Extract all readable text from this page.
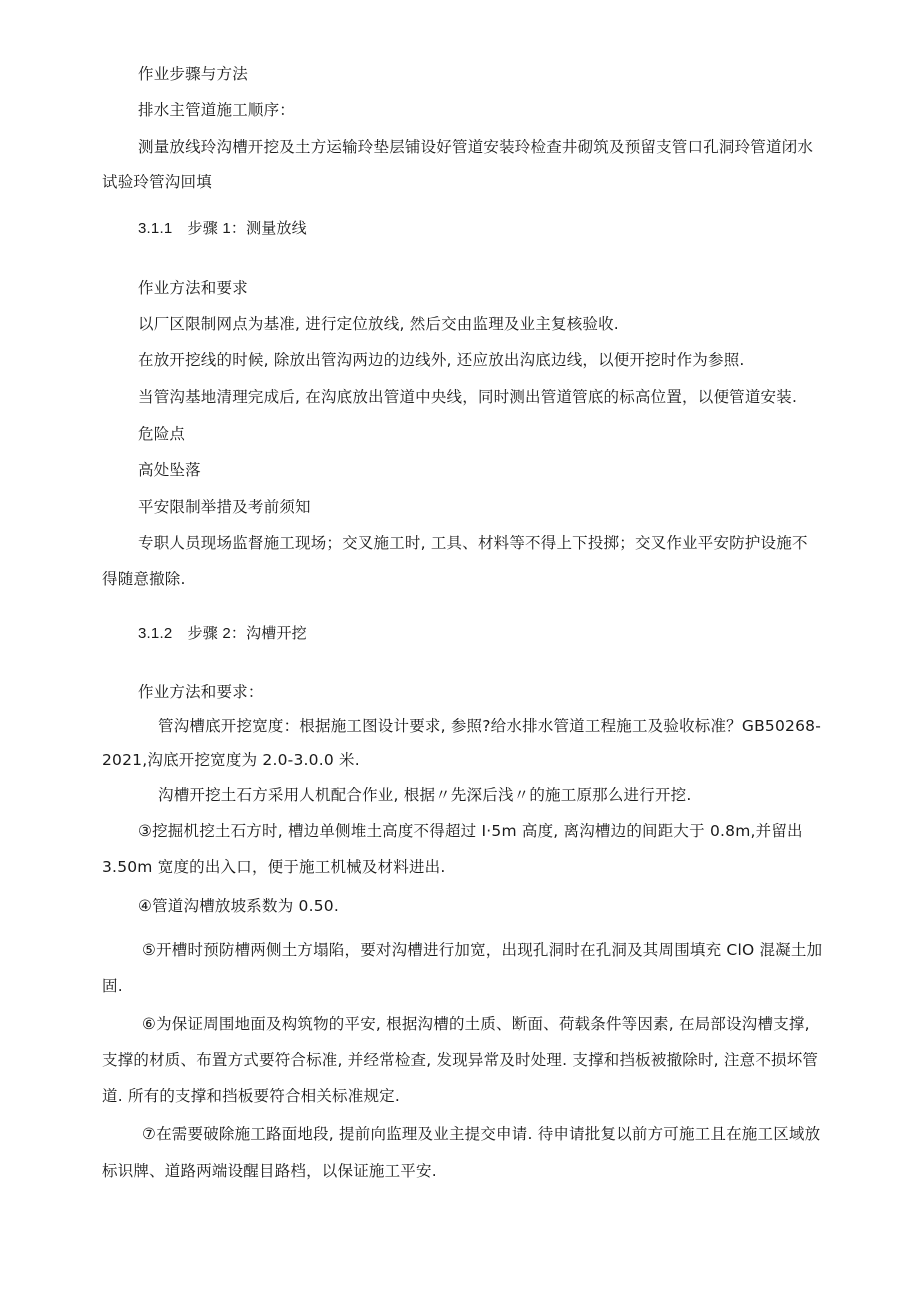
作业步骤与方法

排水主管道施工顺序：

测量放线玲沟槽开挖及土方运输玲垫层铺设好管道安装玲检查井砌筑及预留支管口孔洞玲管道闭水

试验玲管沟回填

3.1.1　步骤 1：测量放线

作业方法和要求

以厂区限制网点为基准, 进行定位放线, 然后交由监理及业主复核验收.

在放开挖线的时候, 除放出管沟两边的边线外, 还应放出沟底边线，以便开挖时作为参照.

当管沟基地清理完成后, 在沟底放出管道中央线，同时测出管道管底的标高位置，以便管道安装.

危险点

高处坠落

平安限制举措及考前须知

专职人员现场监督施工现场；交叉施工时, 工具、材料等不得上下投掷；交叉作业平安防护设施不

得随意撤除.

3.1.2　步骤 2：沟槽开挖

作业方法和要求：

管沟槽底开挖宽度：根据施工图设计要求, 参照?给水排水管道工程施工及验收标准？GB50268-

2021,沟底开挖宽度为 2.0-3.0.0 米.

沟槽开挖土石方采用人机配合作业, 根据〃先深后浅〃的施工原那么进行开挖.

③挖掘机挖土石方时, 槽边单侧堆土高度不得超过 I·5m 高度, 离沟槽边的间距大于 0.8m,并留出

3.50m 宽度的出入口，便于施工机械及材料进出.

④管道沟槽放坡系数为 0.50.

⑤开槽时预防槽两侧土方塌陷，要对沟槽进行加宽，出现孔洞时在孔洞及其周围填充 ClO 混凝土加

固.

⑥为保证周围地面及构筑物的平安, 根据沟槽的土质、断面、荷载条件等因素, 在局部设沟槽支撑,

支撑的材质、布置方式要符合标准, 并经常检查, 发现异常及时处理. 支撑和挡板被撤除时, 注意不损坏管

道. 所有的支撑和挡板要符合相关标准规定.

⑦在需要破除施工路面地段, 提前向监理及业主提交申请. 待申请批复以前方可施工且在施工区域放

标识牌、道路两端设醒目路档，以保证施工平安.
